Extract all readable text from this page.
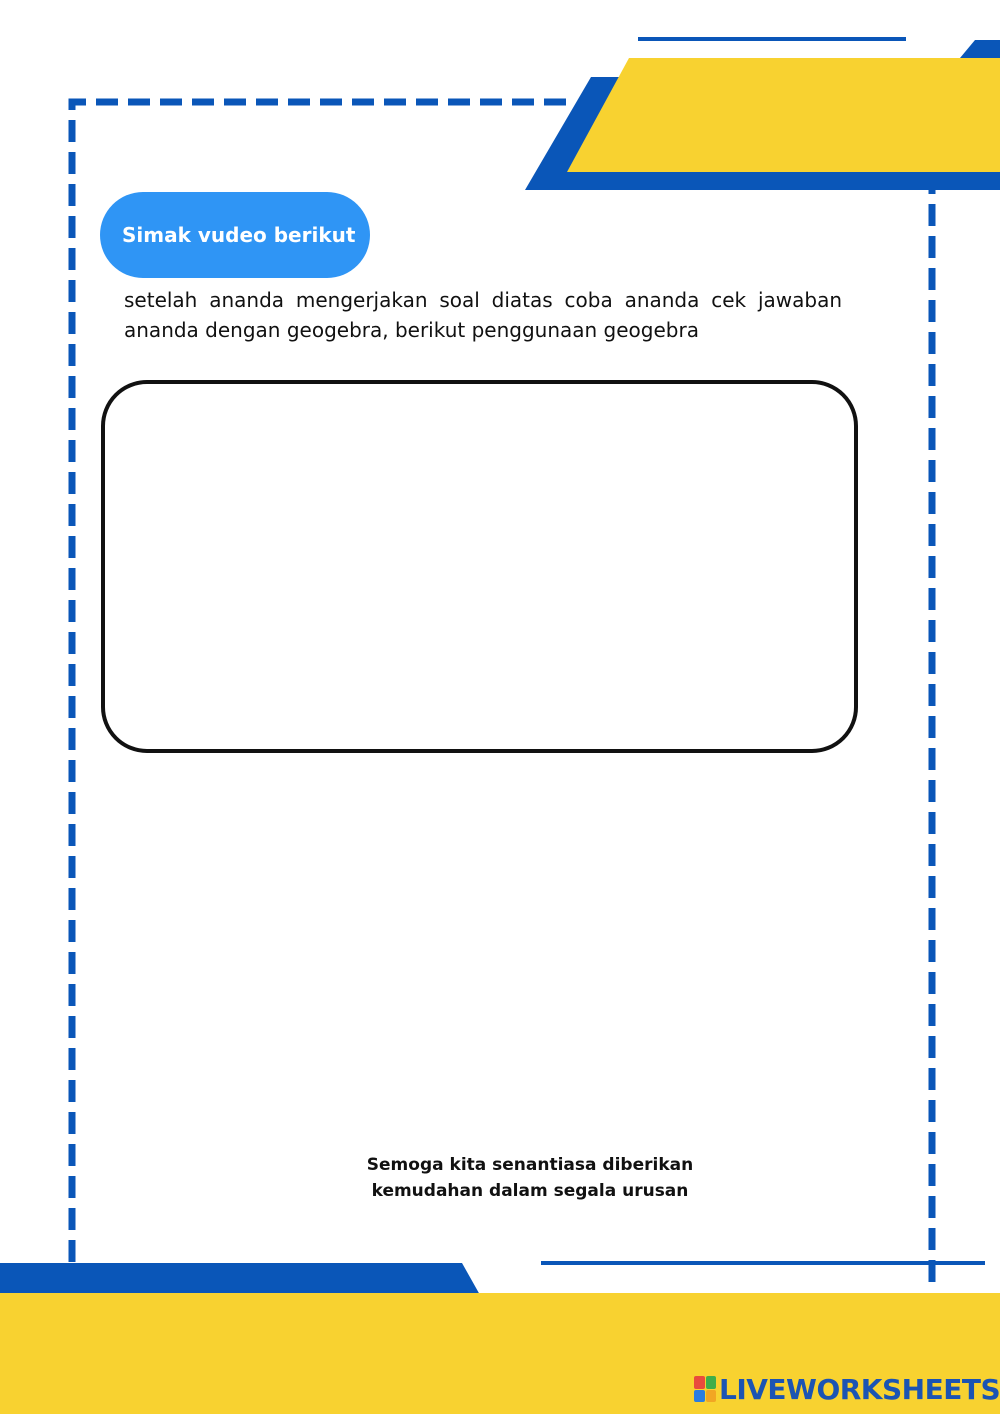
Simak vudeo berikut

setelah ananda mengerjakan soal diatas coba ananda cek jawaban ananda dengan geogebra, berikut penggunaan geogebra

Semoga kita senantiasa diberikan
kemudahan dalam segala urusan
LIVEWORKSHEETS
